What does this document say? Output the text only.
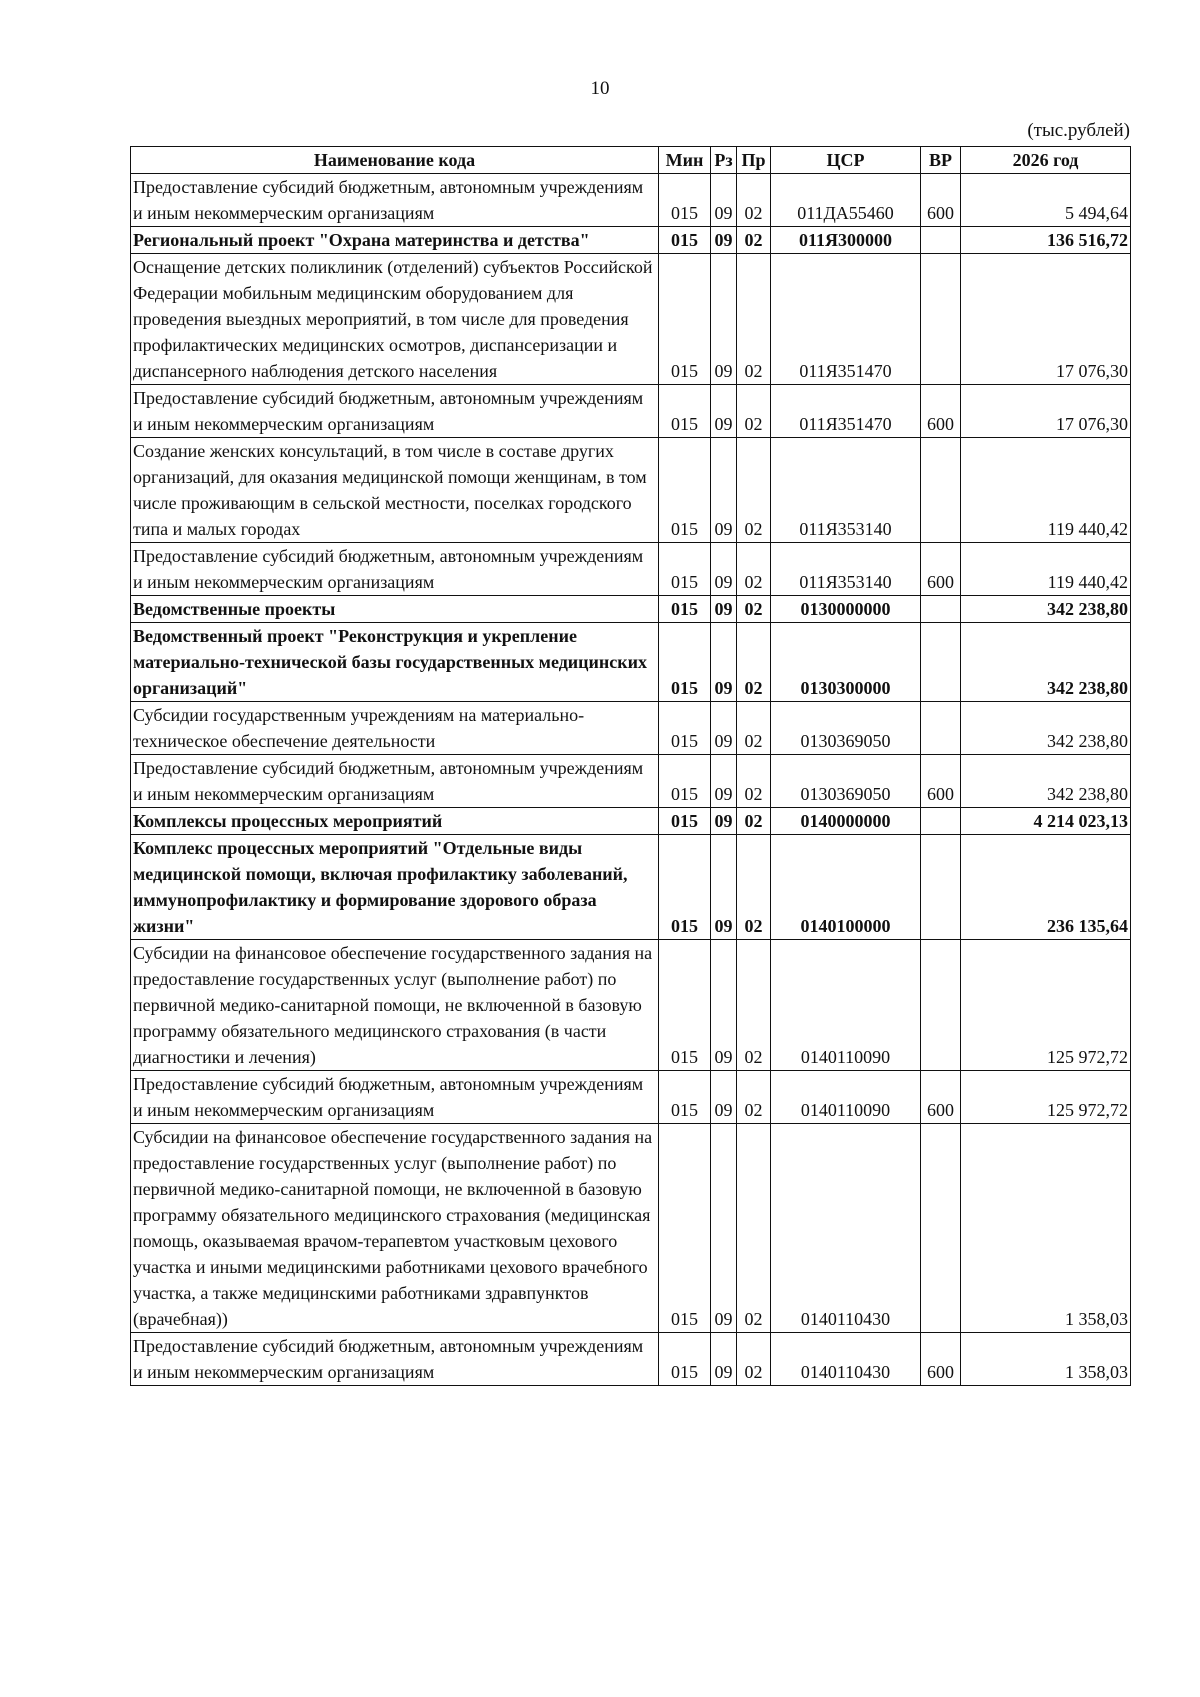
10
(тыс.рублей)
Наименование кода	Мин	Рз	Пр	ЦСР	ВР	2026 год
Предоставление субсидий бюджетным, автономным учреждениям и иным некоммерческим организациям	015	09	02	011ДА55460	600	5 494,64
Региональный проект "Охрана материнства и детства"	015	09	02	011Я300000		136 516,72
Оснащение детских поликлиник (отделений) субъектов Российской Федерации мобильным медицинским оборудованием для проведения выездных мероприятий, в том числе для проведения профилактических медицинских осмотров, диспансеризации и диспансерного наблюдения детского населения	015	09	02	011Я351470		17 076,30
Предоставление субсидий бюджетным, автономным учреждениям и иным некоммерческим организациям	015	09	02	011Я351470	600	17 076,30
Создание женских консультаций, в том числе в составе других организаций, для оказания медицинской помощи женщинам, в том числе проживающим в сельской местности, поселках городского типа и малых городах	015	09	02	011Я353140		119 440,42
Предоставление субсидий бюджетным, автономным учреждениям и иным некоммерческим организациям	015	09	02	011Я353140	600	119 440,42
Ведомственные проекты	015	09	02	0130000000		342 238,80
Ведомственный проект "Реконструкция и укрепление материально-технической базы государственных медицинских организаций"	015	09	02	0130300000		342 238,80
Субсидии государственным учреждениям на материально-техническое обеспечение деятельности	015	09	02	0130369050		342 238,80
Предоставление субсидий бюджетным, автономным учреждениям и иным некоммерческим организациям	015	09	02	0130369050	600	342 238,80
Комплексы процессных мероприятий	015	09	02	0140000000		4 214 023,13
Комплекс процессных мероприятий "Отдельные виды медицинской помощи, включая профилактику заболеваний, иммунопрофилактику и формирование здорового образа жизни"	015	09	02	0140100000		236 135,64
Субсидии на финансовое обеспечение государственного задания на предоставление государственных услуг (выполнение работ) по первичной медико-санитарной помощи, не включенной в базовую программу обязательного медицинского страхования (в части диагностики и лечения)	015	09	02	0140110090		125 972,72
Предоставление субсидий бюджетным, автономным учреждениям и иным некоммерческим организациям	015	09	02	0140110090	600	125 972,72
Субсидии на финансовое обеспечение государственного задания на предоставление государственных услуг (выполнение работ) по первичной медико-санитарной помощи, не включенной в базовую программу обязательного медицинского страхования (медицинская помощь, оказываемая врачом-терапевтом участковым цехового участка и иными медицинскими работниками цехового врачебного участка, а также медицинскими работниками здравпунктов (врачебная))	015	09	02	0140110430		1 358,03
Предоставление субсидий бюджетным, автономным учреждениям и иным некоммерческим организациям	015	09	02	0140110430	600	1 358,03
